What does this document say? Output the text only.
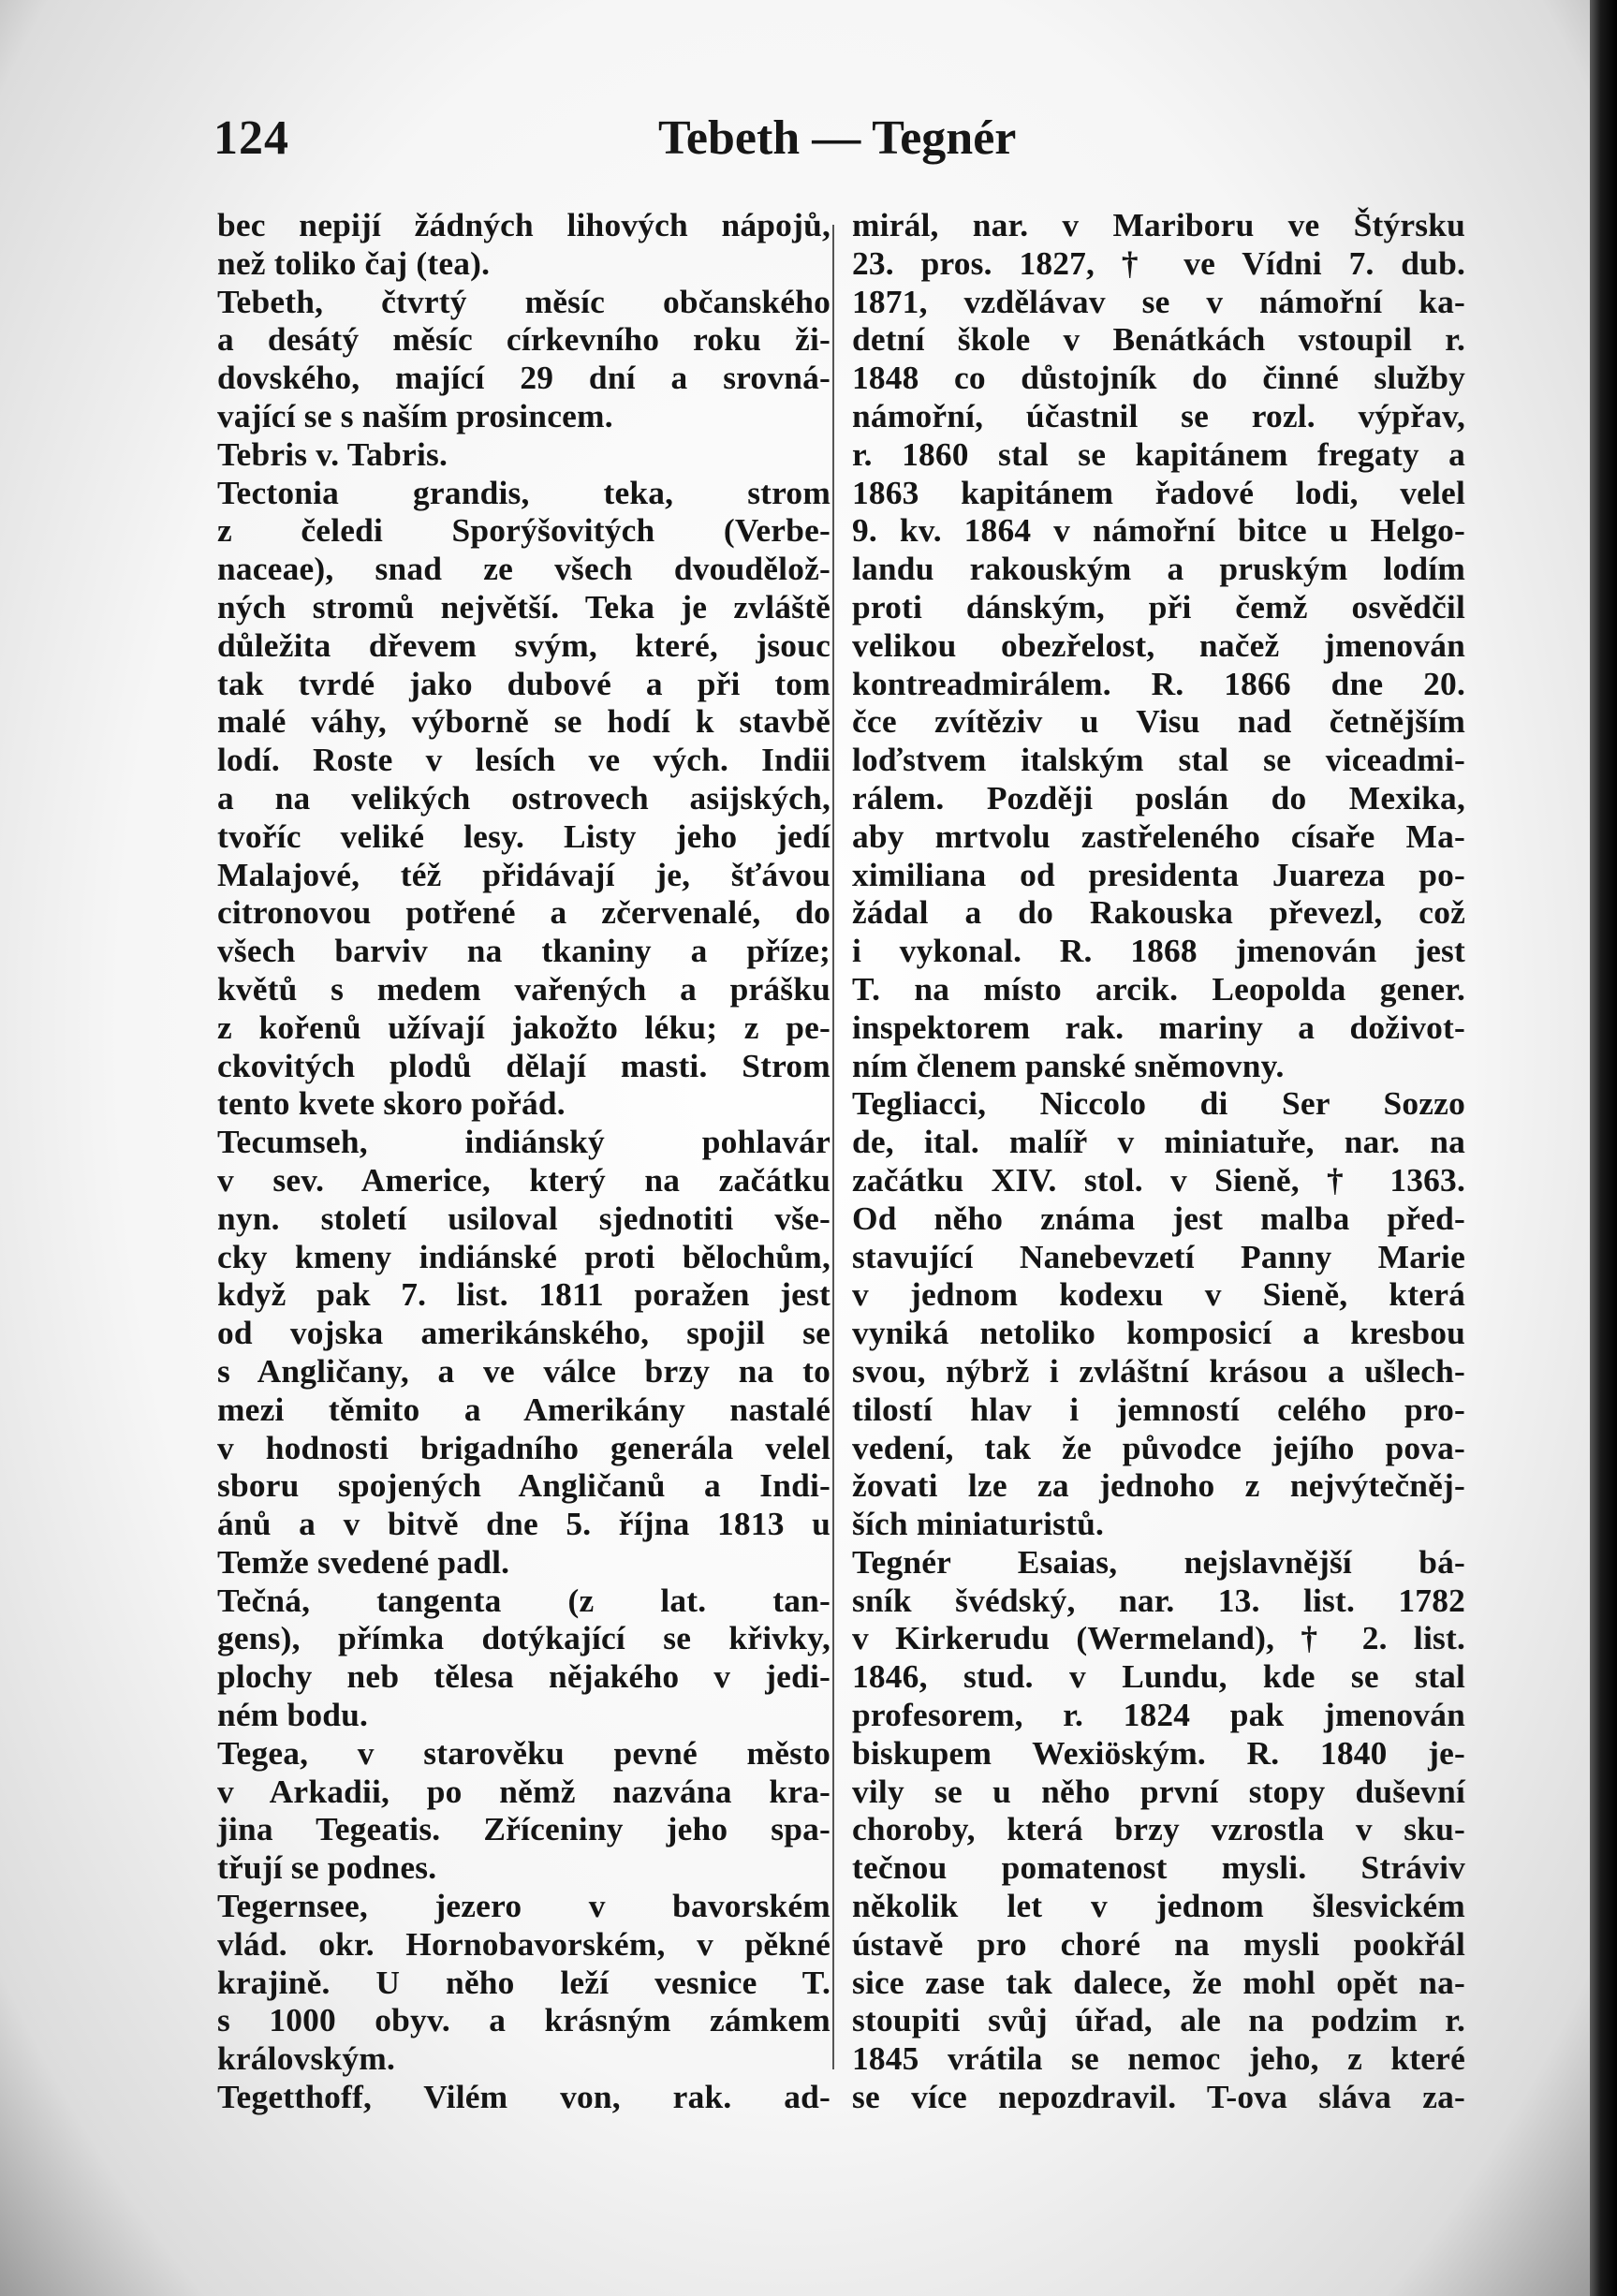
124	Tebeth — Tegnér
bec nepijí žádných lihových nápojů,
než toliko čaj (tea).
Tebeth, čtvrtý měsíc občanského
a desátý měsíc církevního roku ži-
dovského, mající 29 dní a srovná-
vající se s naším prosincem.
Tebris v. Tabris.
Tectonia grandis, teka, strom
z čeledi Sporýšovitých (Verbe-
naceae), snad ze všech dvoudělož-
ných stromů největší. Teka je zvláště
důležita dřevem svým, které, jsouc
tak tvrdé jako dubové a při tom
malé váhy, výborně se hodí k stavbě
lodí. Roste v lesích ve vých. Indii
a na velikých ostrovech asijských,
tvoříc veliké lesy. Listy jeho jedí
Malajové, též přidávají je, šťávou
citronovou potřené a zčervenalé, do
všech barviv na tkaniny a příze;
květů s medem vařených a prášku
z kořenů užívají jakožto léku; z pe-
ckovitých plodů dělají masti. Strom
tento kvete skoro pořád.
Tecumseh, indiánský pohlavár
v sev. Americe, který na začátku
nyn. století usiloval sjednotiti vše-
cky kmeny indiánské proti bělochům,
když pak 7. list. 1811 poražen jest
od vojska amerikánského, spojil se
s Angličany, a ve válce brzy na to
mezi těmito a Amerikány nastalé
v hodnosti brigadního generála velel
sboru spojených Angličanů a Indi-
ánů a v bitvě dne 5. října 1813 u
Temže svedené padl.
Tečná, tangenta (z lat. tan-
gens), přímka dotýkající se křivky,
plochy neb tělesa nějakého v jedi-
ném bodu.
Tegea, v starověku pevné město
v Arkadii, po němž nazvána kra-
jina Tegeatis. Zříceniny jeho spa-
třují se podnes.
Tegernsee, jezero v bavorském
vlád. okr. Hornobavorském, v pěkné
krajině. U něho leží vesnice T.
s 1000 obyv. a krásným zámkem
královským.
Tegetthoff, Vilém von, rak. ad-
mirál, nar. v Mariboru ve Štýrsku
23. pros. 1827, † ve Vídni 7. dub.
1871, vzdělávav se v námořní ka-
detní škole v Benátkách vstoupil r.
1848 co důstojník do činné služby
námořní, účastnil se rozl. výpřav,
r. 1860 stal se kapitánem fregaty a
1863 kapitánem řadové lodi, velel
9. kv. 1864 v námořní bitce u Helgo-
landu rakouským a pruským lodím
proti dánským, při čemž osvědčil
velikou obezřelost, načež jmenován
kontreadmirálem. R. 1866 dne 20.
čce zvítěziv u Visu nad četnějším
loďstvem italským stal se viceadmi-
rálem. Později poslán do Mexika,
aby mrtvolu zastřeleného císaře Ma-
ximiliana od presidenta Juareza po-
žádal a do Rakouska převezl, což
i vykonal. R. 1868 jmenován jest
T. na místo arcik. Leopolda gener.
inspektorem rak. mariny a doživot-
ním členem panské sněmovny.
Tegliacci, Niccolo di Ser Sozzo
de, ital. malíř v miniatuře, nar. na
začátku XIV. stol. v Sieně, † 1363.
Od něho známa jest malba před-
stavující Nanebevzetí Panny Marie
v jednom kodexu v Sieně, která
vyniká netoliko komposicí a kresbou
svou, nýbrž i zvláštní krásou a ušlech-
tilostí hlav i jemností celého pro-
vedení, tak že původce jejího pova-
žovati lze za jednoho z nejvýtečněj-
ších miniaturistů.
Tegnér Esaias, nejslavnější bá-
sník švédský, nar. 13. list. 1782
v Kirkerudu (Wermeland), † 2. list.
1846, stud. v Lundu, kde se stal
profesorem, r. 1824 pak jmenován
biskupem Wexiöským. R. 1840 je-
vily se u něho první stopy duševní
choroby, která brzy vzrostla v sku-
tečnou pomatenost mysli. Stráviv
několik let v jednom šlesvickém
ústavě pro choré na mysli pookřál
sice zase tak dalece, že mohl opět na-
stoupiti svůj úřad, ale na podzim r.
1845 vrátila se nemoc jeho, z které
se více nepozdravil. T-ova sláva za-
